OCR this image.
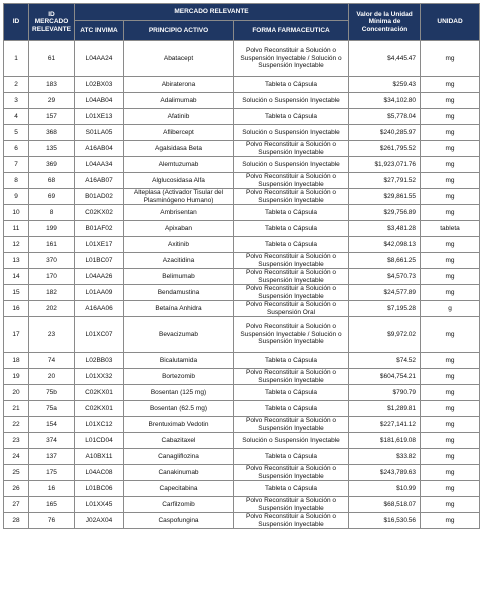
ID	ID MERCADO RELEVANTE	MERCADO RELEVANTE			Valor de la Unidad Mínima de Concentración	UNIDAD
		ATC INVIMA	PRINCIPIO ACTIVO	FORMA FARMACEUTICA		
1	61	L04AA24	Abatacept	Polvo Reconstituir a Solución o Suspensión Inyectable / Solución o Suspensión Inyectable	$4,445.47	mg
2	183	L02BX03	Abiraterona	Tableta o Cápsula	$259.43	mg
3	29	L04AB04	Adalimumab	Solución o Suspensión Inyectable	$34,102.80	mg
4	157	L01XE13	Afatinib	Tableta o Cápsula	$5,778.04	mg
5	368	S01LA05	Aflibercept	Solución o Suspensión Inyectable	$240,285.97	mg
6	135	A16AB04	Agalsidasa Beta	Polvo Reconstituir a Solución o Suspensión Inyectable	$261,795.52	mg
7	369	L04AA34	Alemtuzumab	Solución o Suspensión Inyectable	$1,923,071.76	mg
8	68	A16AB07	Alglucosidasa Alfa	Polvo Reconstituir a Solución o Suspensión Inyectable	$27,791.52	mg
9	69	B01AD02	Alteplasa (Activador Tisular del Plasminógeno Humano)	Polvo Reconstituir a Solución o Suspensión Inyectable	$29,861.55	mg
10	8	C02KX02	Ambrisentan	Tableta o Cápsula	$29,756.89	mg
11	199	B01AF02	Apixaban	Tableta o Cápsula	$3,481.28	tableta
12	161	L01XE17	Axitinib	Tableta o Cápsula	$42,098.13	mg
13	370	L01BC07	Azacitidina	Polvo Reconstituir a Solución o Suspensión Inyectable	$8,661.25	mg
14	170	L04AA26	Belimumab	Polvo Reconstituir a Solución o Suspensión Inyectable	$4,570.73	mg
15	182	L01AA09	Bendamustina	Polvo Reconstituir a Solución o Suspensión Inyectable	$24,577.89	mg
16	202	A16AA06	Betaína Anhidra	Polvo Reconstituir a Solución o Suspensión Oral	$7,195.28	g
17	23	L01XC07	Bevacizumab	Polvo Reconstituir a Solución o Suspensión Inyectable / Solución o Suspensión Inyectable	$9,972.02	mg
18	74	L02BB03	Bicalutamida	Tableta o Cápsula	$74.52	mg
19	20	L01XX32	Bortezomib	Polvo Reconstituir a Solución o Suspensión Inyectable	$604,754.21	mg
20	75b	C02KX01	Bosentan (125 mg)	Tableta o Cápsula	$790.79	mg
21	75a	C02KX01	Bosentan (62.5 mg)	Tableta o Cápsula	$1,289.81	mg
22	154	L01XC12	Brentuximab Vedotin	Polvo Reconstituir a Solución o Suspensión Inyectable	$227,141.12	mg
23	374	L01CD04	Cabazitaxel	Solución o Suspensión Inyectable	$181,619.08	mg
24	137	A10BX11	Canagliflozina	Tableta o Cápsula	$33.82	mg
25	175	L04AC08	Canakinumab	Polvo Reconstituir a Solución o Suspensión Inyectable	$243,789.63	mg
26	16	L01BC06	Capecitabina	Tableta o Cápsula	$10.99	mg
27	165	L01XX45	Carfilzomib	Polvo Reconstituir a Solución o Suspensión Inyectable	$68,518.07	mg
28	76	J02AX04	Caspofungina	Polvo Reconstituir a Solución o Suspensión Inyectable	$16,530.56	mg
